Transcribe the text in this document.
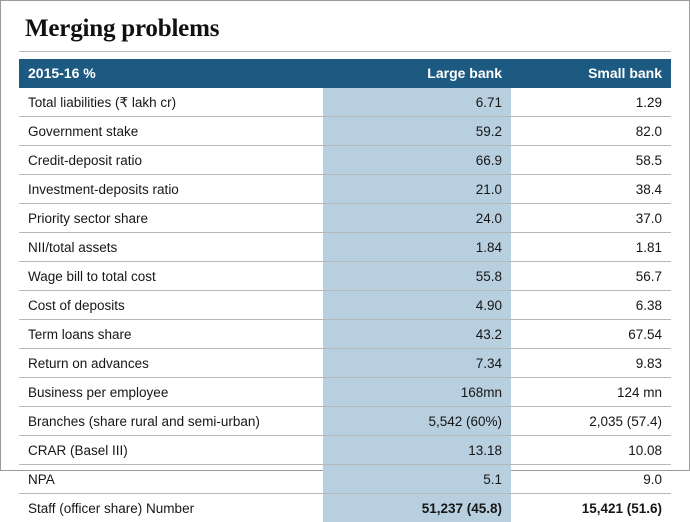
Merging problems
2015-16 %	Large bank	Small bank
Total liabilities (₹ lakh cr)	6.71	1.29
Government stake	59.2	82.0
Credit-deposit ratio	66.9	58.5
Investment-deposits ratio	21.0	38.4
Priority sector share	24.0	37.0
NII/total assets	1.84	1.81
Wage bill to total cost	55.8	56.7
Cost of deposits	4.90	6.38
Term loans share	43.2	67.54
Return on advances	7.34	9.83
Business per employee	168mn	124 mn
Branches (share rural and semi-urban)	5,542 (60%)	2,035 (57.4)
CRAR (Basel III)	13.18	10.08
NPA	5.1	9.0
Staff (officer share) Number	51,237 (45.8)	15,421 (51.6)
